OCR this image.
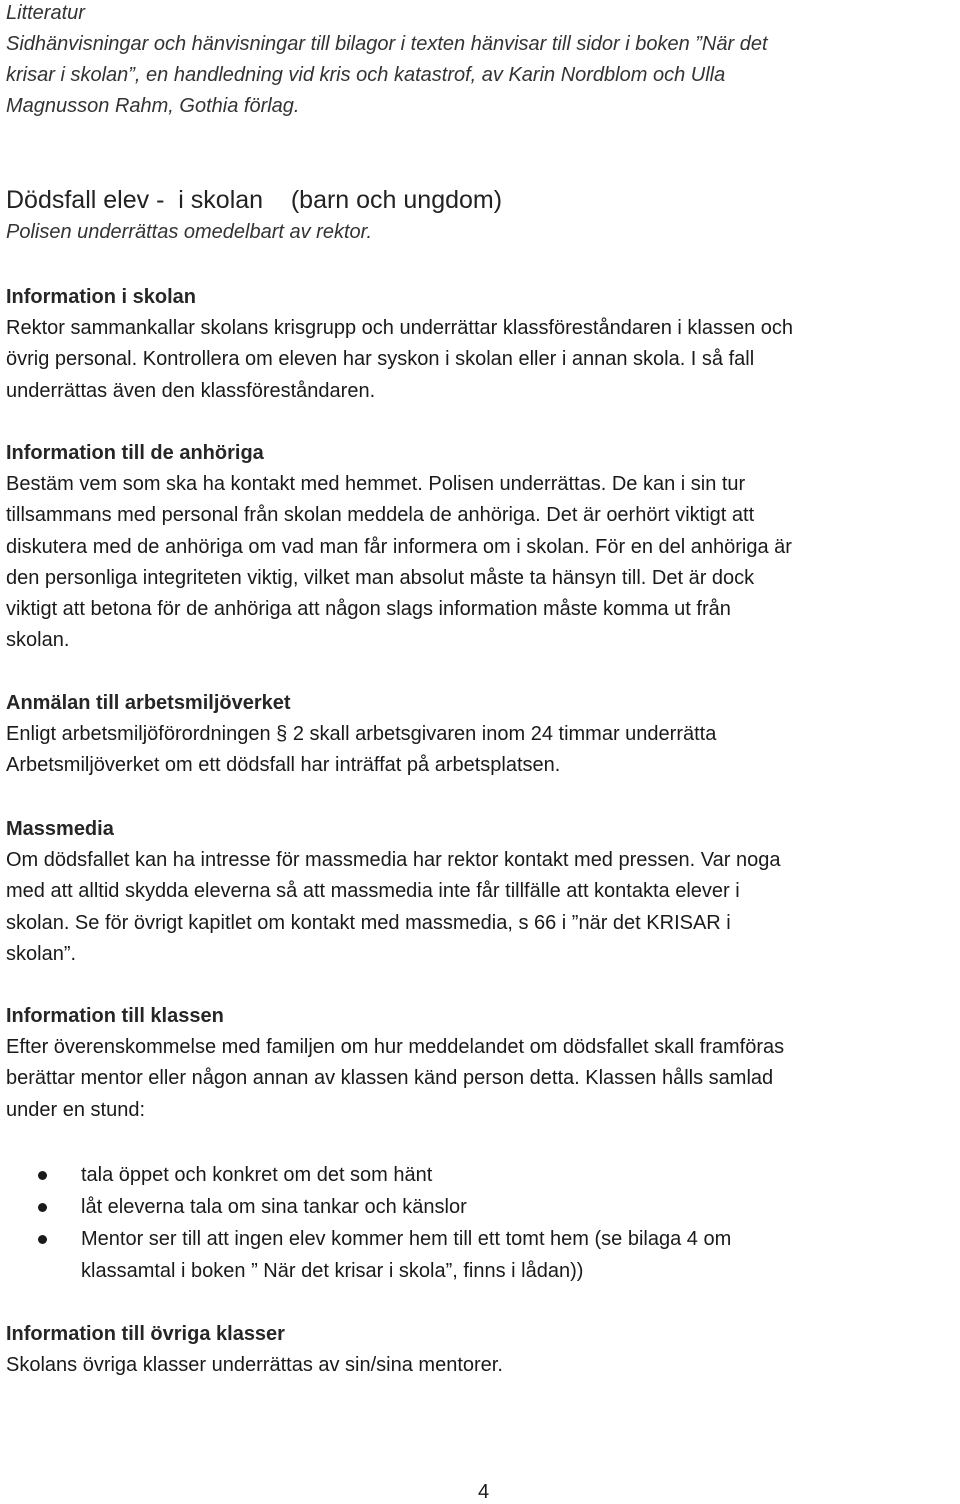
Litteratur
Sidhänvisningar och hänvisningar till bilagor i texten hänvisar till sidor i boken ”När det
krisar i skolan”, en handledning vid kris och katastrof, av Karin Nordblom och Ulla
Magnusson Rahm, Gothia förlag.
Dödsfall elev -  i skolan    (barn och ungdom)
Polisen underrättas omedelbart av rektor.
Information i skolan
Rektor sammankallar skolans krisgrupp och underrättar klassföreståndaren i klassen och
övrig personal. Kontrollera om eleven har syskon i skolan eller i annan skola. I så fall
underrättas även den klassföreståndaren.
Information till de anhöriga
Bestäm vem som ska ha kontakt med hemmet. Polisen underrättas. De kan i sin tur
tillsammans med personal från skolan meddela de anhöriga. Det är oerhört viktigt att
diskutera med de anhöriga om vad man får informera om i skolan. För en del anhöriga är
den personliga integriteten viktig, vilket man absolut måste ta hänsyn till. Det är dock
viktigt att betona för de anhöriga att någon slags information måste komma ut från
skolan.
Anmälan till arbetsmiljöverket
Enligt arbetsmiljöförordningen § 2 skall arbetsgivaren inom 24 timmar underrätta
Arbetsmiljöverket om ett dödsfall har inträffat på arbetsplatsen.
Massmedia
Om dödsfallet kan ha intresse för massmedia har rektor kontakt med pressen. Var noga
med att alltid skydda eleverna så att massmedia inte får tillfälle att kontakta elever i
skolan. Se för övrigt kapitlet om kontakt med massmedia, s 66 i ”när det KRISAR i
skolan”.
Information till klassen
Efter överenskommelse med familjen om hur meddelandet om dödsfallet skall framföras
berättar mentor eller någon annan av klassen känd person detta. Klassen hålls samlad
under en stund:
tala öppet och konkret om det som hänt
låt eleverna tala om sina tankar och känslor
Mentor ser till att ingen elev kommer hem till ett tomt hem (se bilaga 4 om
klassamtal i boken ” När det krisar i skola”, finns i lådan))
Information till övriga klasser
Skolans övriga klasser underrättas av sin/sina mentorer.
4
